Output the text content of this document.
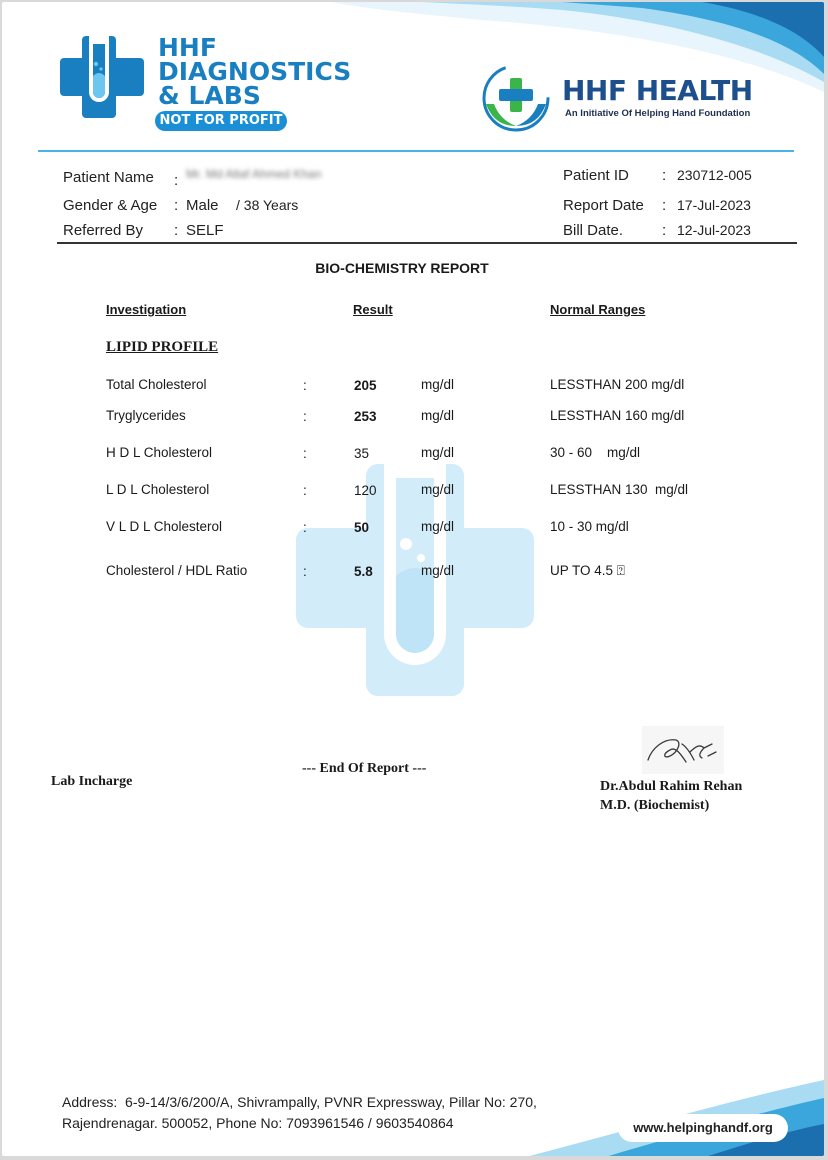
HHF
DIAGNOSTICS
& LABS
NOT FOR PROFIT
HHF HEALTH
An Initiative Of Helping Hand Foundation
Patient Name : Mr. Md Altaf Ahmed Khan
Gender & Age : Male / 38 Years
Referred By : SELF
Patient ID : 230712-005
Report Date : 17-Jul-2023
Bill Date.	: 12-Jul-2023
BIO-CHEMISTRY REPORT
Investigation	Result	Normal Ranges
LIPID PROFILE
Total Cholesterol	:	205	mg/dl	LESSTHAN 200 mg/dl
Tryglycerides	:	253	mg/dl	LESSTHAN 160 mg/dl
H D L Cholesterol	:	35	mg/dl	30 - 60    mg/dl
L D L Cholesterol	:	120	mg/dl	LESSTHAN 130  mg/dl
V L D L Cholesterol	:	50	mg/dl	10 - 30 mg/dl
Cholesterol / HDL Ratio	:	5.8	mg/dl	UP TO 4.5 ⍰
--- End Of Report ---
Lab Incharge	Dr.Abdul Rahim Rehan
M.D. (Biochemist)
Address:  6-9-14/3/6/200/A, Shivrampally, PVNR Expressway, Pillar No: 270,
Rajendrenagar. 500052, Phone No: 7093961546 / 9603540864	www.helpinghandf.org
